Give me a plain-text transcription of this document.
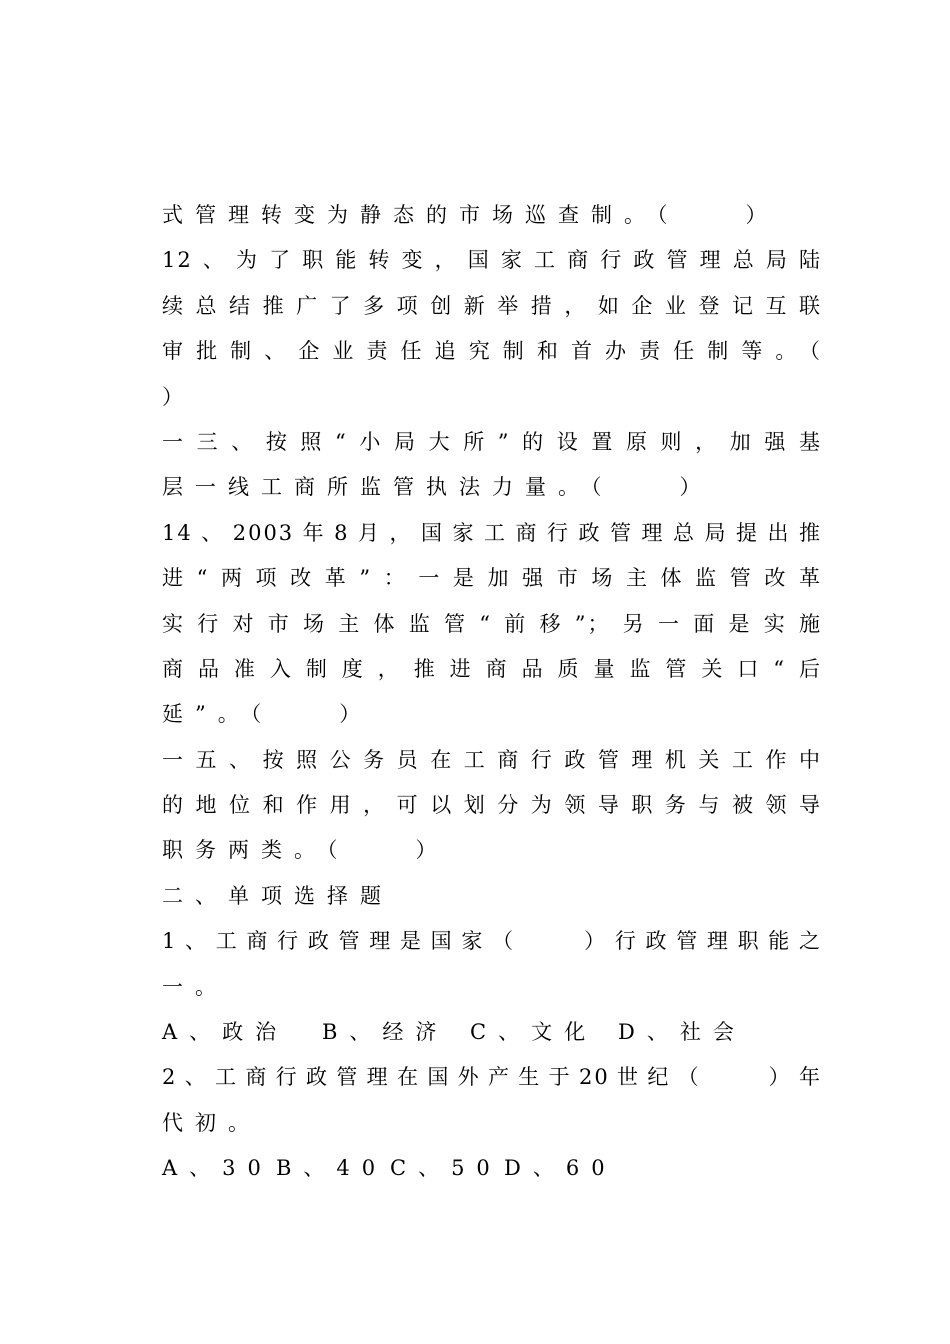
式管理转变为静态的市场巡查制。（　　）
12、为了职能转变，国家工商行政管理总局陆
续总结推广了多项创新举措，如企业登记互联
审批制、企业责任追究制和首办责任制等。（
）
一三、按照“小局大所”的设置原则，加强基
层一线工商所监管执法力量。（　　）
14、2003年8月，国家工商行政管理总局提出推
进“两项改革”：一是加强市场主体监管改革
实行对市场主体监管“前移”；另一面是实施
商品准入制度，推进商品质量监管关口“后
延”。（　　）
一五、按照公务员在工商行政管理机关工作中
的地位和作用，可以划分为领导职务与被领导
职务两类。（　　）
二、单项选择题
1、工商行政管理是国家（　　）行政管理职能之
一。
A、政治 B、经济 C、文化 D、社会
2、工商行政管理在国外产生于20世纪（　　）年
代初。
A、30 B、40 C、50 D、60
